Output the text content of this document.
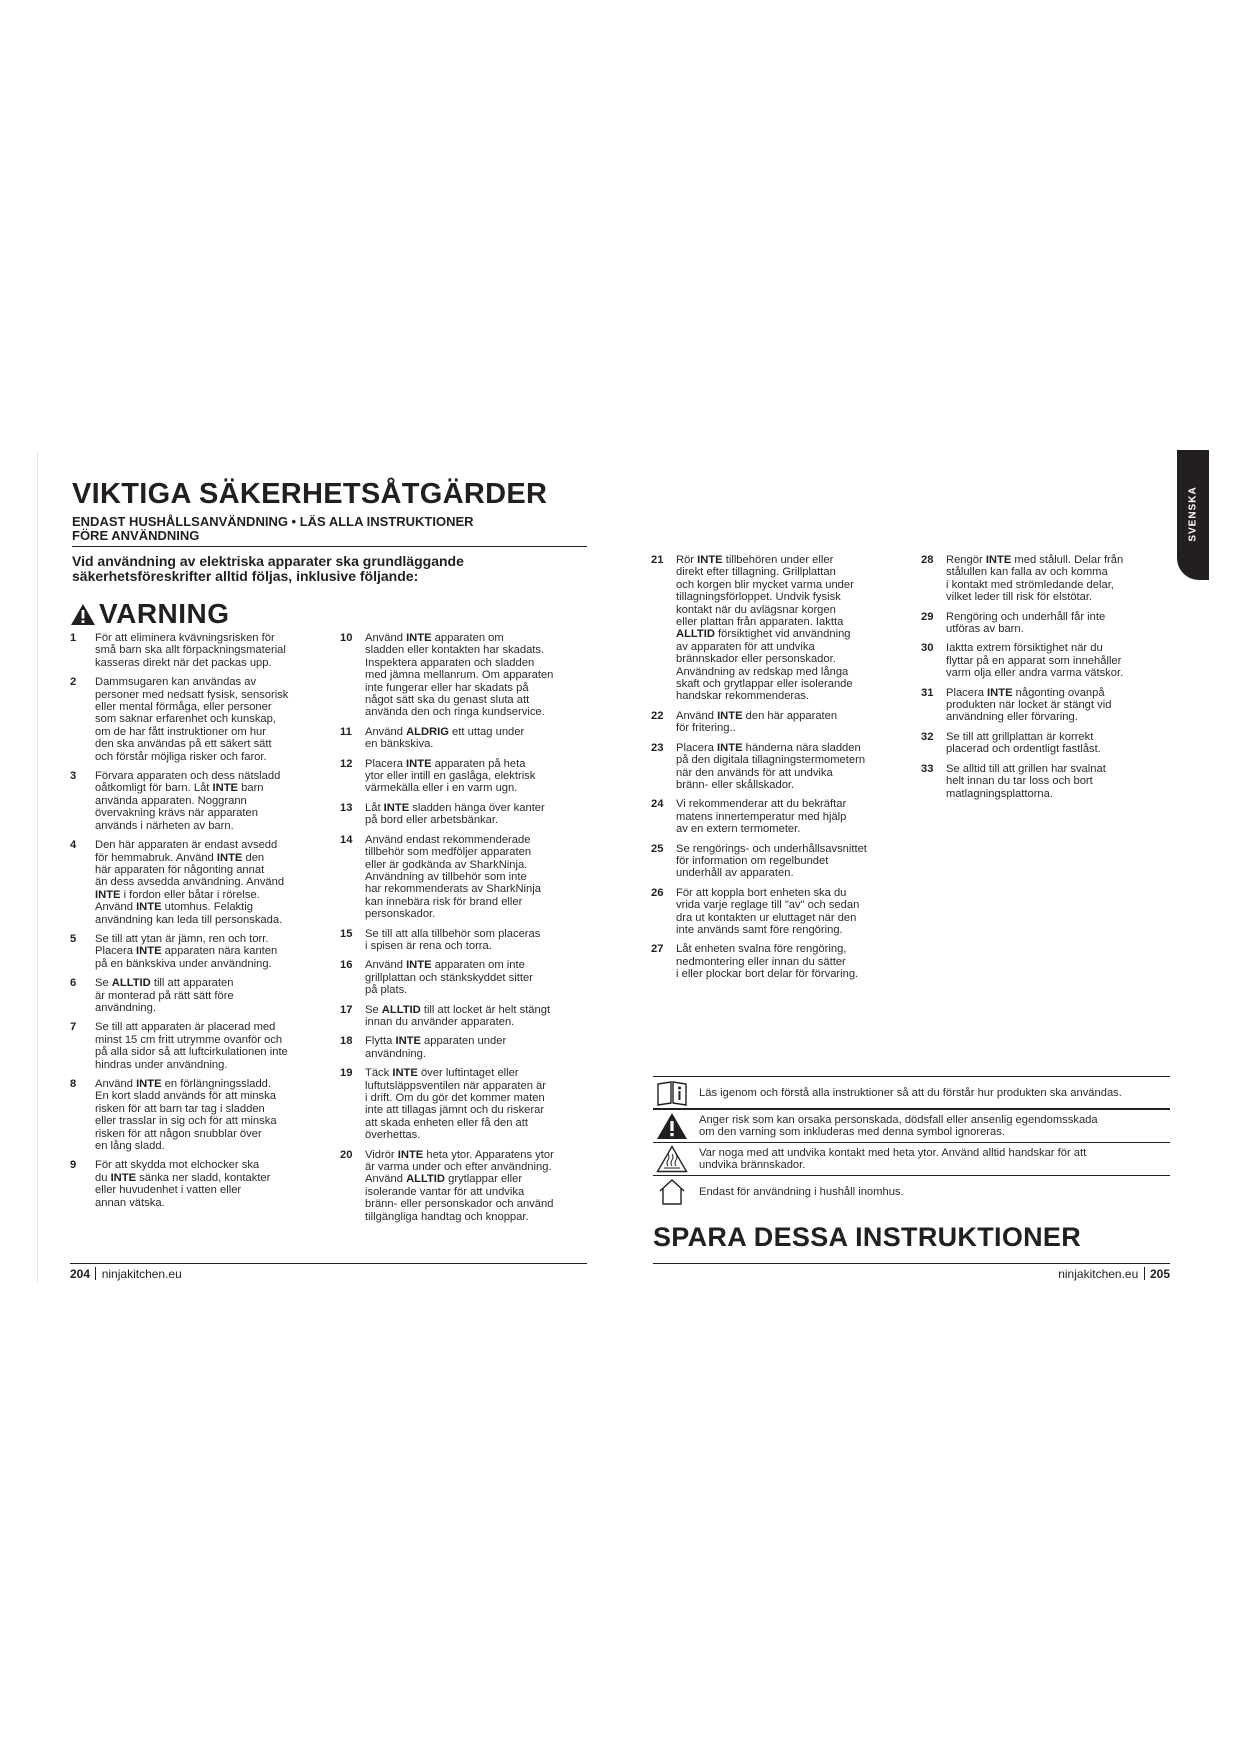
SVENSKA
VIKTIGA SÄKERHETSÅTGÄRDER
ENDAST HUSHÅLLSANVÄNDNING • LÄS ALLA INSTRUKTIONER
FÖRE ANVÄNDNING
Vid användning av elektriska apparater ska grundläggande
säkerhetsföreskrifter alltid följas, inklusive följande:
VARNING
1 För att eliminera kvävningsrisken för
små barn ska allt förpackningsmaterial
kasseras direkt när det packas upp.
2 Dammsugaren kan användas av
personer med nedsatt fysisk, sensorisk
eller mental förmåga, eller personer
som saknar erfarenhet och kunskap,
om de har fått instruktioner om hur
den ska användas på ett säkert sätt
och förstår möjliga risker och faror.
3 Förvara apparaten och dess nätsladd
oåtkomligt för barn. Låt INTE barn
använda apparaten. Noggrann
övervakning krävs när apparaten
används i närheten av barn.
4 Den här apparaten är endast avsedd
för hemmabruk. Använd INTE den
här apparaten för någonting annat
än dess avsedda användning. Använd
INTE i fordon eller båtar i rörelse.
Använd INTE utomhus. Felaktig
användning kan leda till personskada.
5 Se till att ytan är jämn, ren och torr.
Placera INTE apparaten nära kanten
på en bänkskiva under användning.
6 Se ALLTID till att apparaten
är monterad på rätt sätt före
användning.
7 Se till att apparaten är placerad med
minst 15 cm fritt utrymme ovanför och
på alla sidor så att luftcirkulationen inte
hindras under användning.
8 Använd INTE en förlängningssladd.
En kort sladd används för att minska
risken för att barn tar tag i sladden
eller trasslar in sig och för att minska
risken för att någon snubblar över
en lång sladd.
9 För att skydda mot elchocker ska
du INTE sänka ner sladd, kontakter
eller huvudenhet i vatten eller
annan vätska.
10 Använd INTE apparaten om
sladden eller kontakten har skadats.
Inspektera apparaten och sladden
med jämna mellanrum. Om apparaten
inte fungerar eller har skadats på
något sätt ska du genast sluta att
använda den och ringa kundservice.
11 Använd ALDRIG ett uttag under
en bänkskiva.
12 Placera INTE apparaten på heta
ytor eller intill en gaslåga, elektrisk
värmekälla eller i en varm ugn.
13 Låt INTE sladden hänga över kanter
på bord eller arbetsbänkar.
14 Använd endast rekommenderade
tillbehör som medföljer apparaten
eller är godkända av SharkNinja.
Användning av tillbehör som inte
har rekommenderats av SharkNinja
kan innebära risk för brand eller
personskador.
15 Se till att alla tillbehör som placeras
i spisen är rena och torra.
16 Använd INTE apparaten om inte
grillplattan och stänkskyddet sitter
på plats.
17 Se ALLTID till att locket är helt stängt
innan du använder apparaten.
18 Flytta INTE apparaten under
användning.
19 Täck INTE över luftintaget eller
luftutsläppsventilen när apparaten är
i drift. Om du gör det kommer maten
inte att tillagas jämnt och du riskerar
att skada enheten eller få den att
överhettas.
20 Vidrör INTE heta ytor. Apparatens ytor
är varma under och efter användning.
Använd ALLTID grytlappar eller
isolerande vantar för att undvika
bränn- eller personskador och använd
tillgängliga handtag och knoppar.
21 Rör INTE tillbehören under eller
direkt efter tillagning. Grillplattan
och korgen blir mycket varma under
tillagningsförloppet. Undvik fysisk
kontakt när du avlägsnar korgen
eller plattan från apparaten. Iakttа
ALLTID försiktighet vid användning
av apparaten för att undvika
brännskador eller personskador.
Användning av redskap med långa
skaft och grytlappar eller isolerande
handskar rekommenderas.
22 Använd INTE den här apparaten
för fritering..
23 Placera INTE händerna nära sladden
på den digitala tillagningstermometern
när den används för att undvika
bränn- eller skållskador.
24 Vi rekommenderar att du bekräftar
matens innertemperatur med hjälp
av en extern termometer.
25 Se rengörings- och underhållsavsnittet
för information om regelbundet
underhåll av apparaten.
26 För att koppla bort enheten ska du
vrida varje reglage till "av" och sedan
dra ut kontakten ur eluttaget när den
inte används samt före rengöring.
27 Låt enheten svalna före rengöring,
nedmontering eller innan du sätter
i eller plockar bort delar för förvaring.
28 Rengör INTE med stålull. Delar från
stålullen kan falla av och komma
i kontakt med strömledande delar,
vilket leder till risk för elstötar.
29 Rengöring och underhåll får inte
utföras av barn.
30 Iaktta extrem försiktighet när du
flyttar på en apparat som innehåller
varm olja eller andra varma vätskor.
31 Placera INTE någonting ovanpå
produkten när locket är stängt vid
användning eller förvaring.
32 Se till att grillplattan är korrekt
placerad och ordentligt fastlåst.
33 Se alltid till att grillen har svalnat
helt innan du tar loss och bort
matlagningsplattorna.
Läs igenom och förstå alla instruktioner så att du förstår hur produkten ska användas.
Anger risk som kan orsaka personskada, dödsfall eller ansenlig egendomsskada
om den varning som inkluderas med denna symbol ignoreras.
Var noga med att undvika kontakt med heta ytor. Använd alltid handskar för att
undvika brännskador.
Endast för användning i hushåll inomhus.
SPARA DESSA INSTRUKTIONER
204 ninjakitchen.eu	ninjakitchen.eu 205
